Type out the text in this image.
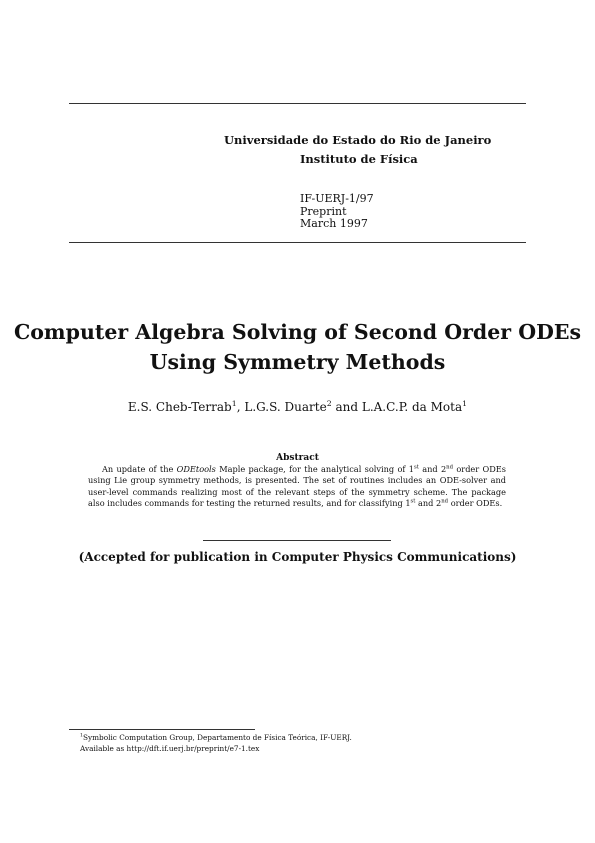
Universidade do Estado do Rio de Janeiro
Instituto de Física
IF-UERJ-1/97
Preprint
March 1997
Computer Algebra Solving of Second Order ODEs
Using Symmetry Methods
E.S. Cheb-Terrab$^1$, L.G.S. Duarte$^2$ and L.A.C.P. da Mota$^1$
Abstract
An update of the ODEtools Maple package, for the analytical solving of 1st and 2nd order ODEs using Lie group symmetry methods, is presented. The set of routines includes an ODE-solver and user-level commands realizing most of the relevant steps of the symmetry scheme. The package also includes commands for testing the returned results, and for classifying 1st and 2nd order ODEs.
(Accepted for publication in Computer Physics Communications)
$^1$Symbolic Computation Group, Departamento de Física Teórica, IF-UERJ.
Available as http://dft.if.uerj.br/preprint/e7-1.tex
